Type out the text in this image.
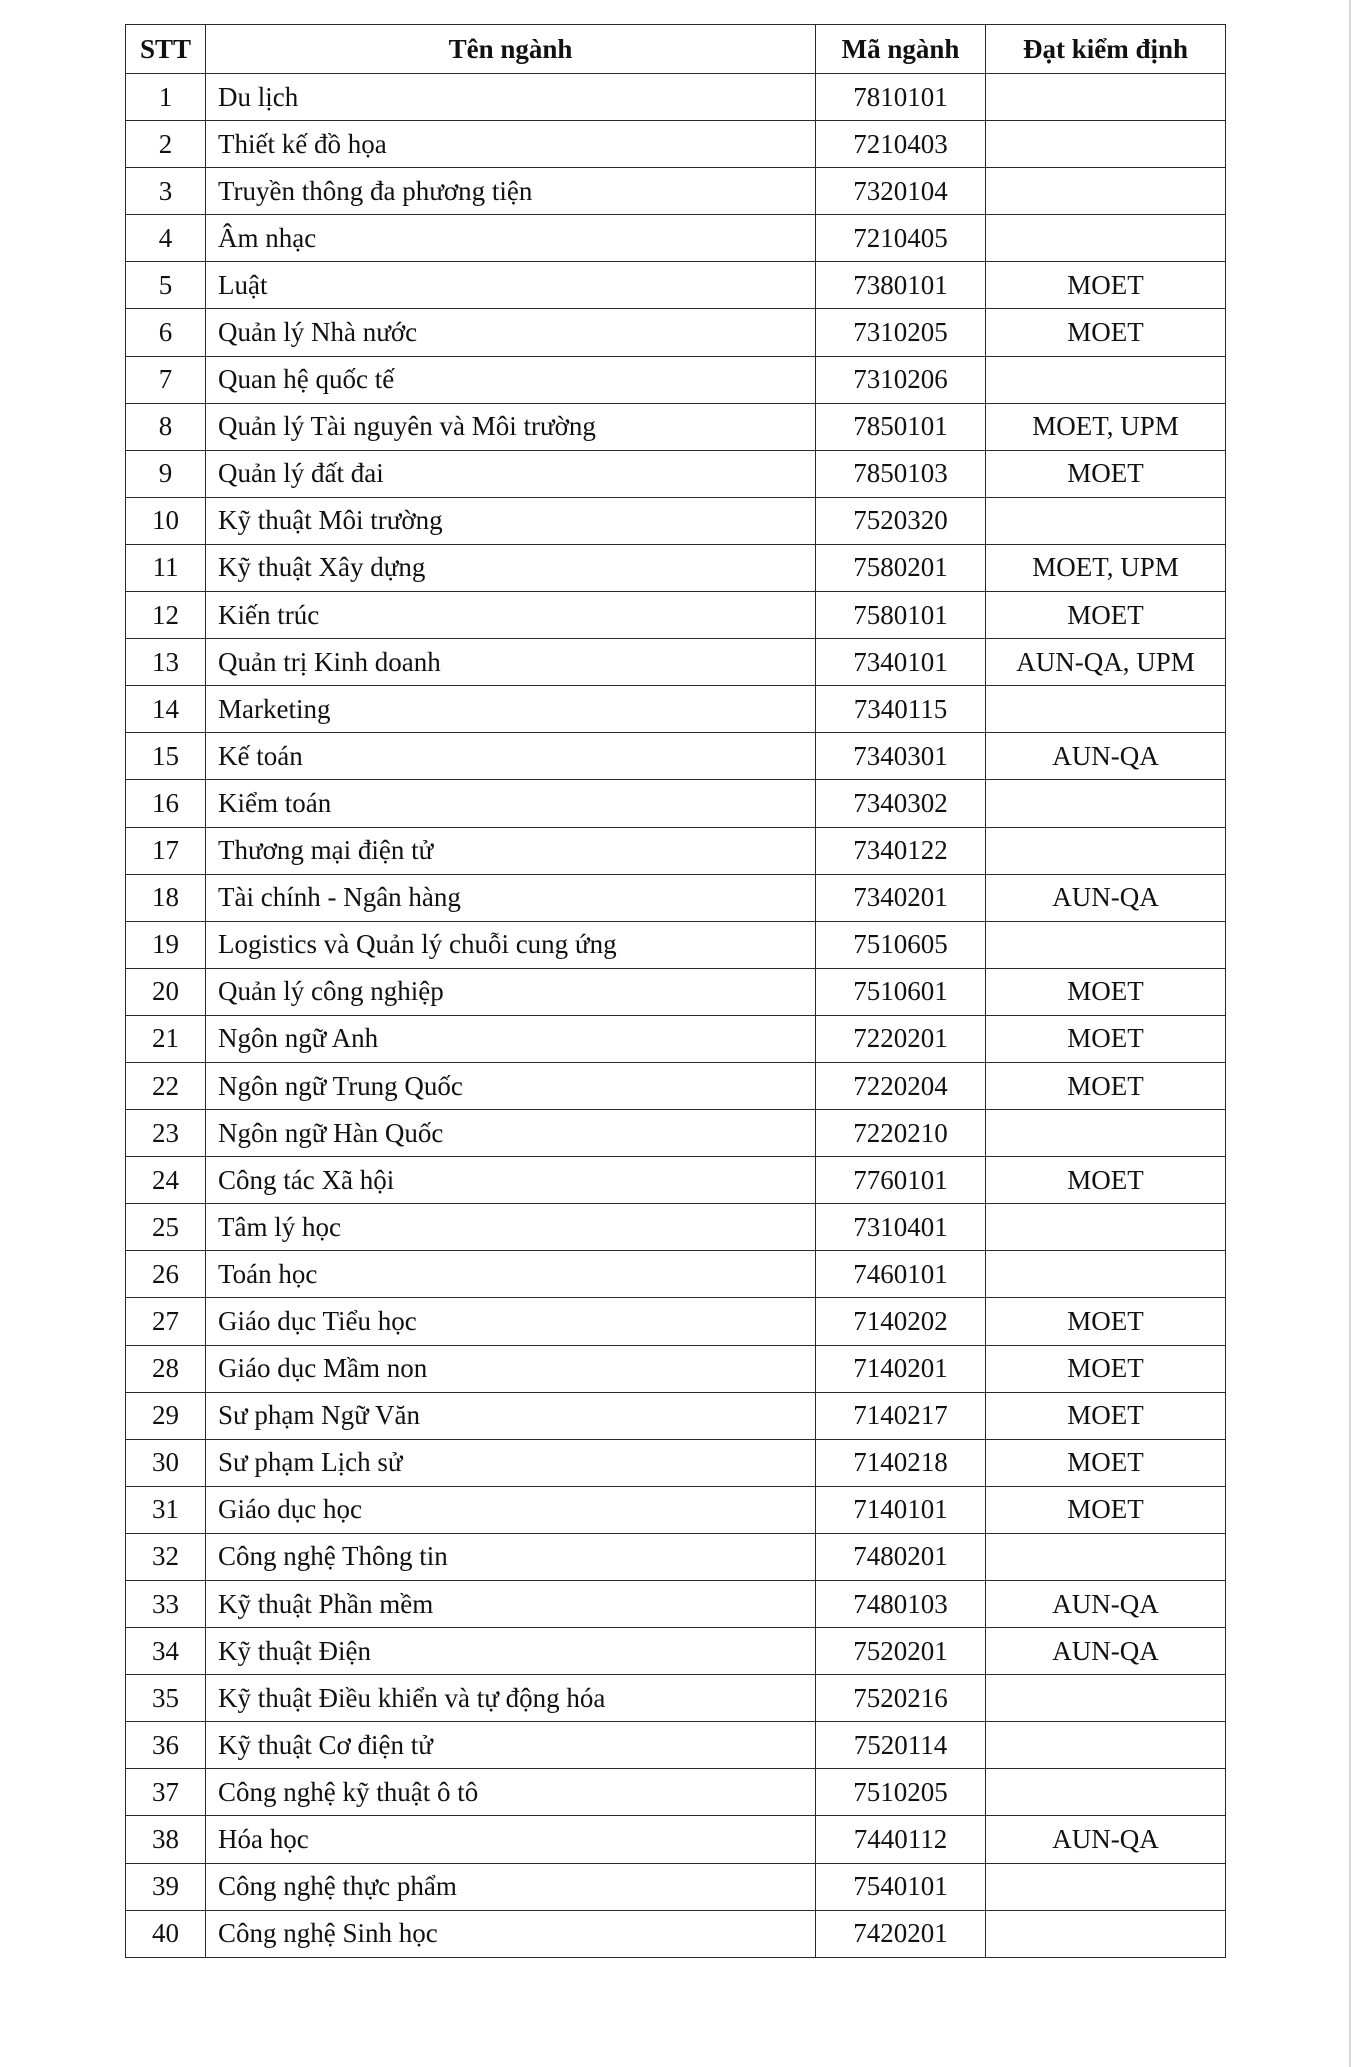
STT	Tên ngành	Mã ngành	Đạt kiểm định
1	Du lịch	7810101	
2	Thiết kế đồ họa	7210403	
3	Truyền thông đa phương tiện	7320104	
4	Âm nhạc	7210405	
5	Luật	7380101	MOET
6	Quản lý Nhà nước	7310205	MOET
7	Quan hệ quốc tế	7310206	
8	Quản lý Tài nguyên và Môi trường	7850101	MOET, UPM
9	Quản lý đất đai	7850103	MOET
10	Kỹ thuật Môi trường	7520320	
11	Kỹ thuật Xây dựng	7580201	MOET, UPM
12	Kiến trúc	7580101	MOET
13	Quản trị Kinh doanh	7340101	AUN-QA, UPM
14	Marketing	7340115	
15	Kế toán	7340301	AUN-QA
16	Kiểm toán	7340302	
17	Thương mại điện tử	7340122	
18	Tài chính - Ngân hàng	7340201	AUN-QA
19	Logistics và Quản lý chuỗi cung ứng	7510605	
20	Quản lý công nghiệp	7510601	MOET
21	Ngôn ngữ Anh	7220201	MOET
22	Ngôn ngữ Trung Quốc	7220204	MOET
23	Ngôn ngữ Hàn Quốc	7220210	
24	Công tác Xã hội	7760101	MOET
25	Tâm lý học	7310401	
26	Toán học	7460101	
27	Giáo dục Tiểu học	7140202	MOET
28	Giáo dục Mầm non	7140201	MOET
29	Sư phạm Ngữ Văn	7140217	MOET
30	Sư phạm Lịch sử	7140218	MOET
31	Giáo dục học	7140101	MOET
32	Công nghệ Thông tin	7480201	
33	Kỹ thuật Phần mềm	7480103	AUN-QA
34	Kỹ thuật Điện	7520201	AUN-QA
35	Kỹ thuật Điều khiển và tự động hóa	7520216	
36	Kỹ thuật Cơ điện tử	7520114	
37	Công nghệ kỹ thuật ô tô	7510205	
38	Hóa học	7440112	AUN-QA
39	Công nghệ thực phẩm	7540101	
40	Công nghệ Sinh học	7420201	
